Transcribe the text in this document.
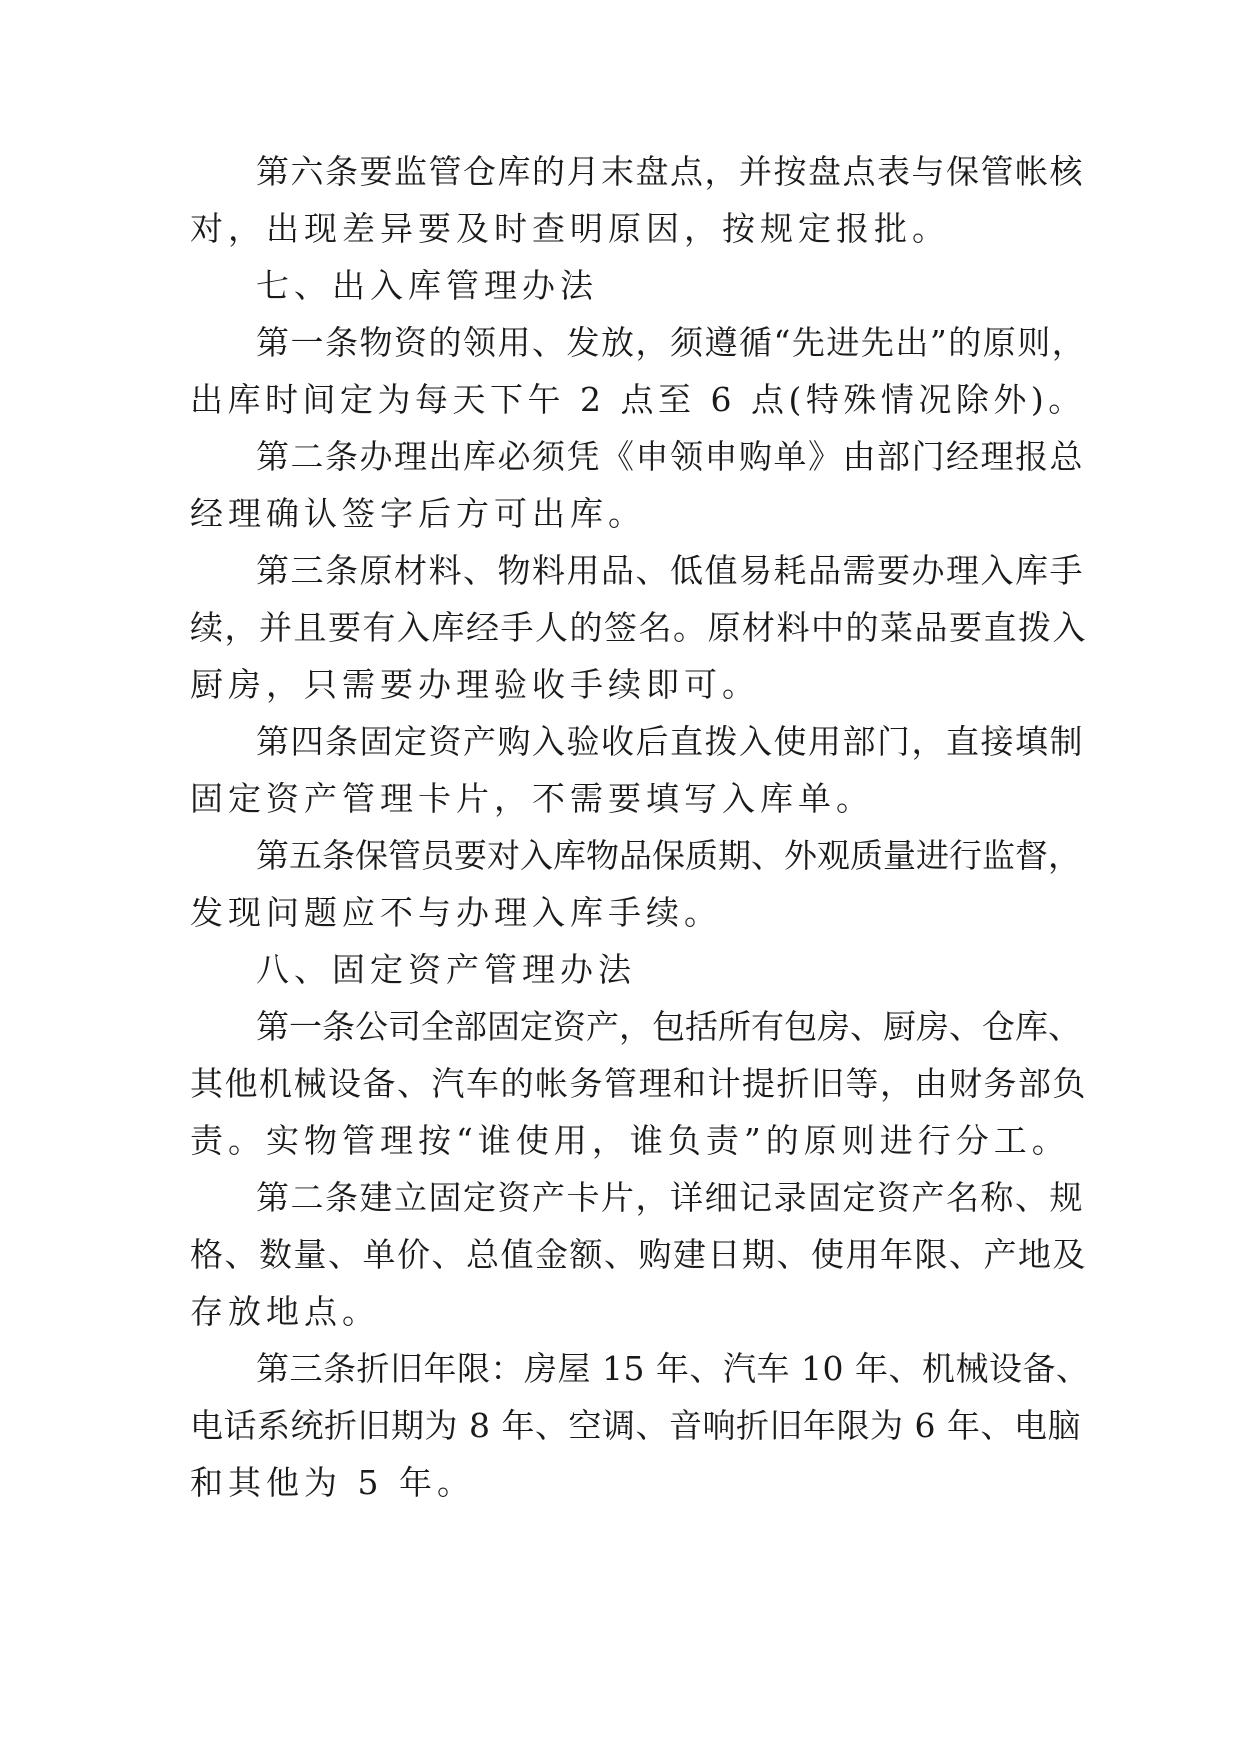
第六条要监管仓库的月末盘点，并按盘点表与保管帐核
对，出现差异要及时查明原因，按规定报批。
七、出入库管理办法
第一条物资的领用、发放，须遵循“先进先出”的原则，
出库时间定为每天下午 2 点至 6 点(特殊情况除外)。
第二条办理出库必须凭《申领申购单》由部门经理报总
经理确认签字后方可出库。
第三条原材料、物料用品、低值易耗品需要办理入库手
续，并且要有入库经手人的签名。原材料中的菜品要直拨入
厨房，只需要办理验收手续即可。
第四条固定资产购入验收后直拨入使用部门，直接填制
固定资产管理卡片，不需要填写入库单。
第五条保管员要对入库物品保质期、外观质量进行监督，
发现问题应不与办理入库手续。
八、固定资产管理办法
第一条公司全部固定资产，包括所有包房、厨房、仓库、
其他机械设备、汽车的帐务管理和计提折旧等，由财务部负
责。实物管理按“谁使用，谁负责”的原则进行分工。
第二条建立固定资产卡片，详细记录固定资产名称、规
格、数量、单价、总值金额、购建日期、使用年限、产地及
存放地点。
第三条折旧年限：房屋 15 年、汽车 10 年、机械设备、
电话系统折旧期为 8 年、空调、音响折旧年限为 6 年、电脑
和其他为 5 年。
